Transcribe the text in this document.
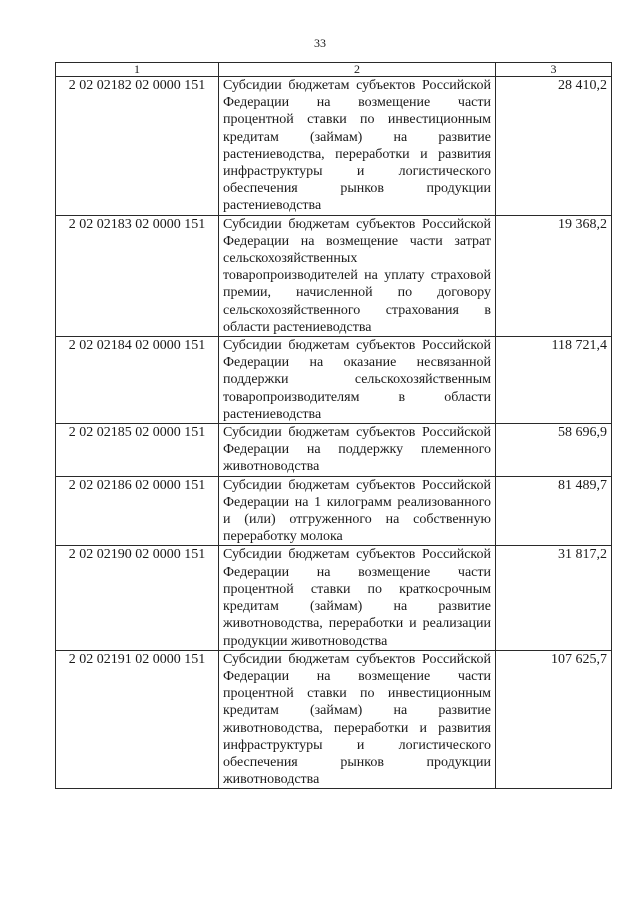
33
1	2	3
2 02 02182 02 0000 151	Субсидии бюджетам субъектов Российской Федерации на возмещение части процентной ставки по инвестиционным кредитам (займам) на развитие растениеводства, переработки и развития инфраструктуры и логистического обеспечения рынков продукции растениеводства	28 410,2
2 02 02183 02 0000 151	Субсидии бюджетам субъектов Российской Федерации на возмещение части затрат сельскохозяйственных товаропроизводителей на уплату страховой премии, начисленной по договору сельскохозяйственного страхования в области растениеводства	19 368,2
2 02 02184 02 0000 151	Субсидии бюджетам субъектов Российской Федерации на оказание несвязанной поддержки сельскохозяйственным товаропроизводителям в области растениеводства	118 721,4
2 02 02185 02 0000 151	Субсидии бюджетам субъектов Российской Федерации на поддержку племенного животноводства	58 696,9
2 02 02186 02 0000 151	Субсидии бюджетам субъектов Российской Федерации на 1 килограмм реализованного и (или) отгруженного на собственную переработку молока	81 489,7
2 02 02190 02 0000 151	Субсидии бюджетам субъектов Российской Федерации на возмещение части процентной ставки по краткосрочным кредитам (займам) на развитие животноводства, переработки и реализации продукции животноводства	31 817,2
2 02 02191 02 0000 151	Субсидии бюджетам субъектов Российской Федерации на возмещение части процентной ставки по инвестиционным кредитам (займам) на развитие животноводства, переработки и развития инфраструктуры и логистического обеспечения рынков продукции животноводства	107 625,7
